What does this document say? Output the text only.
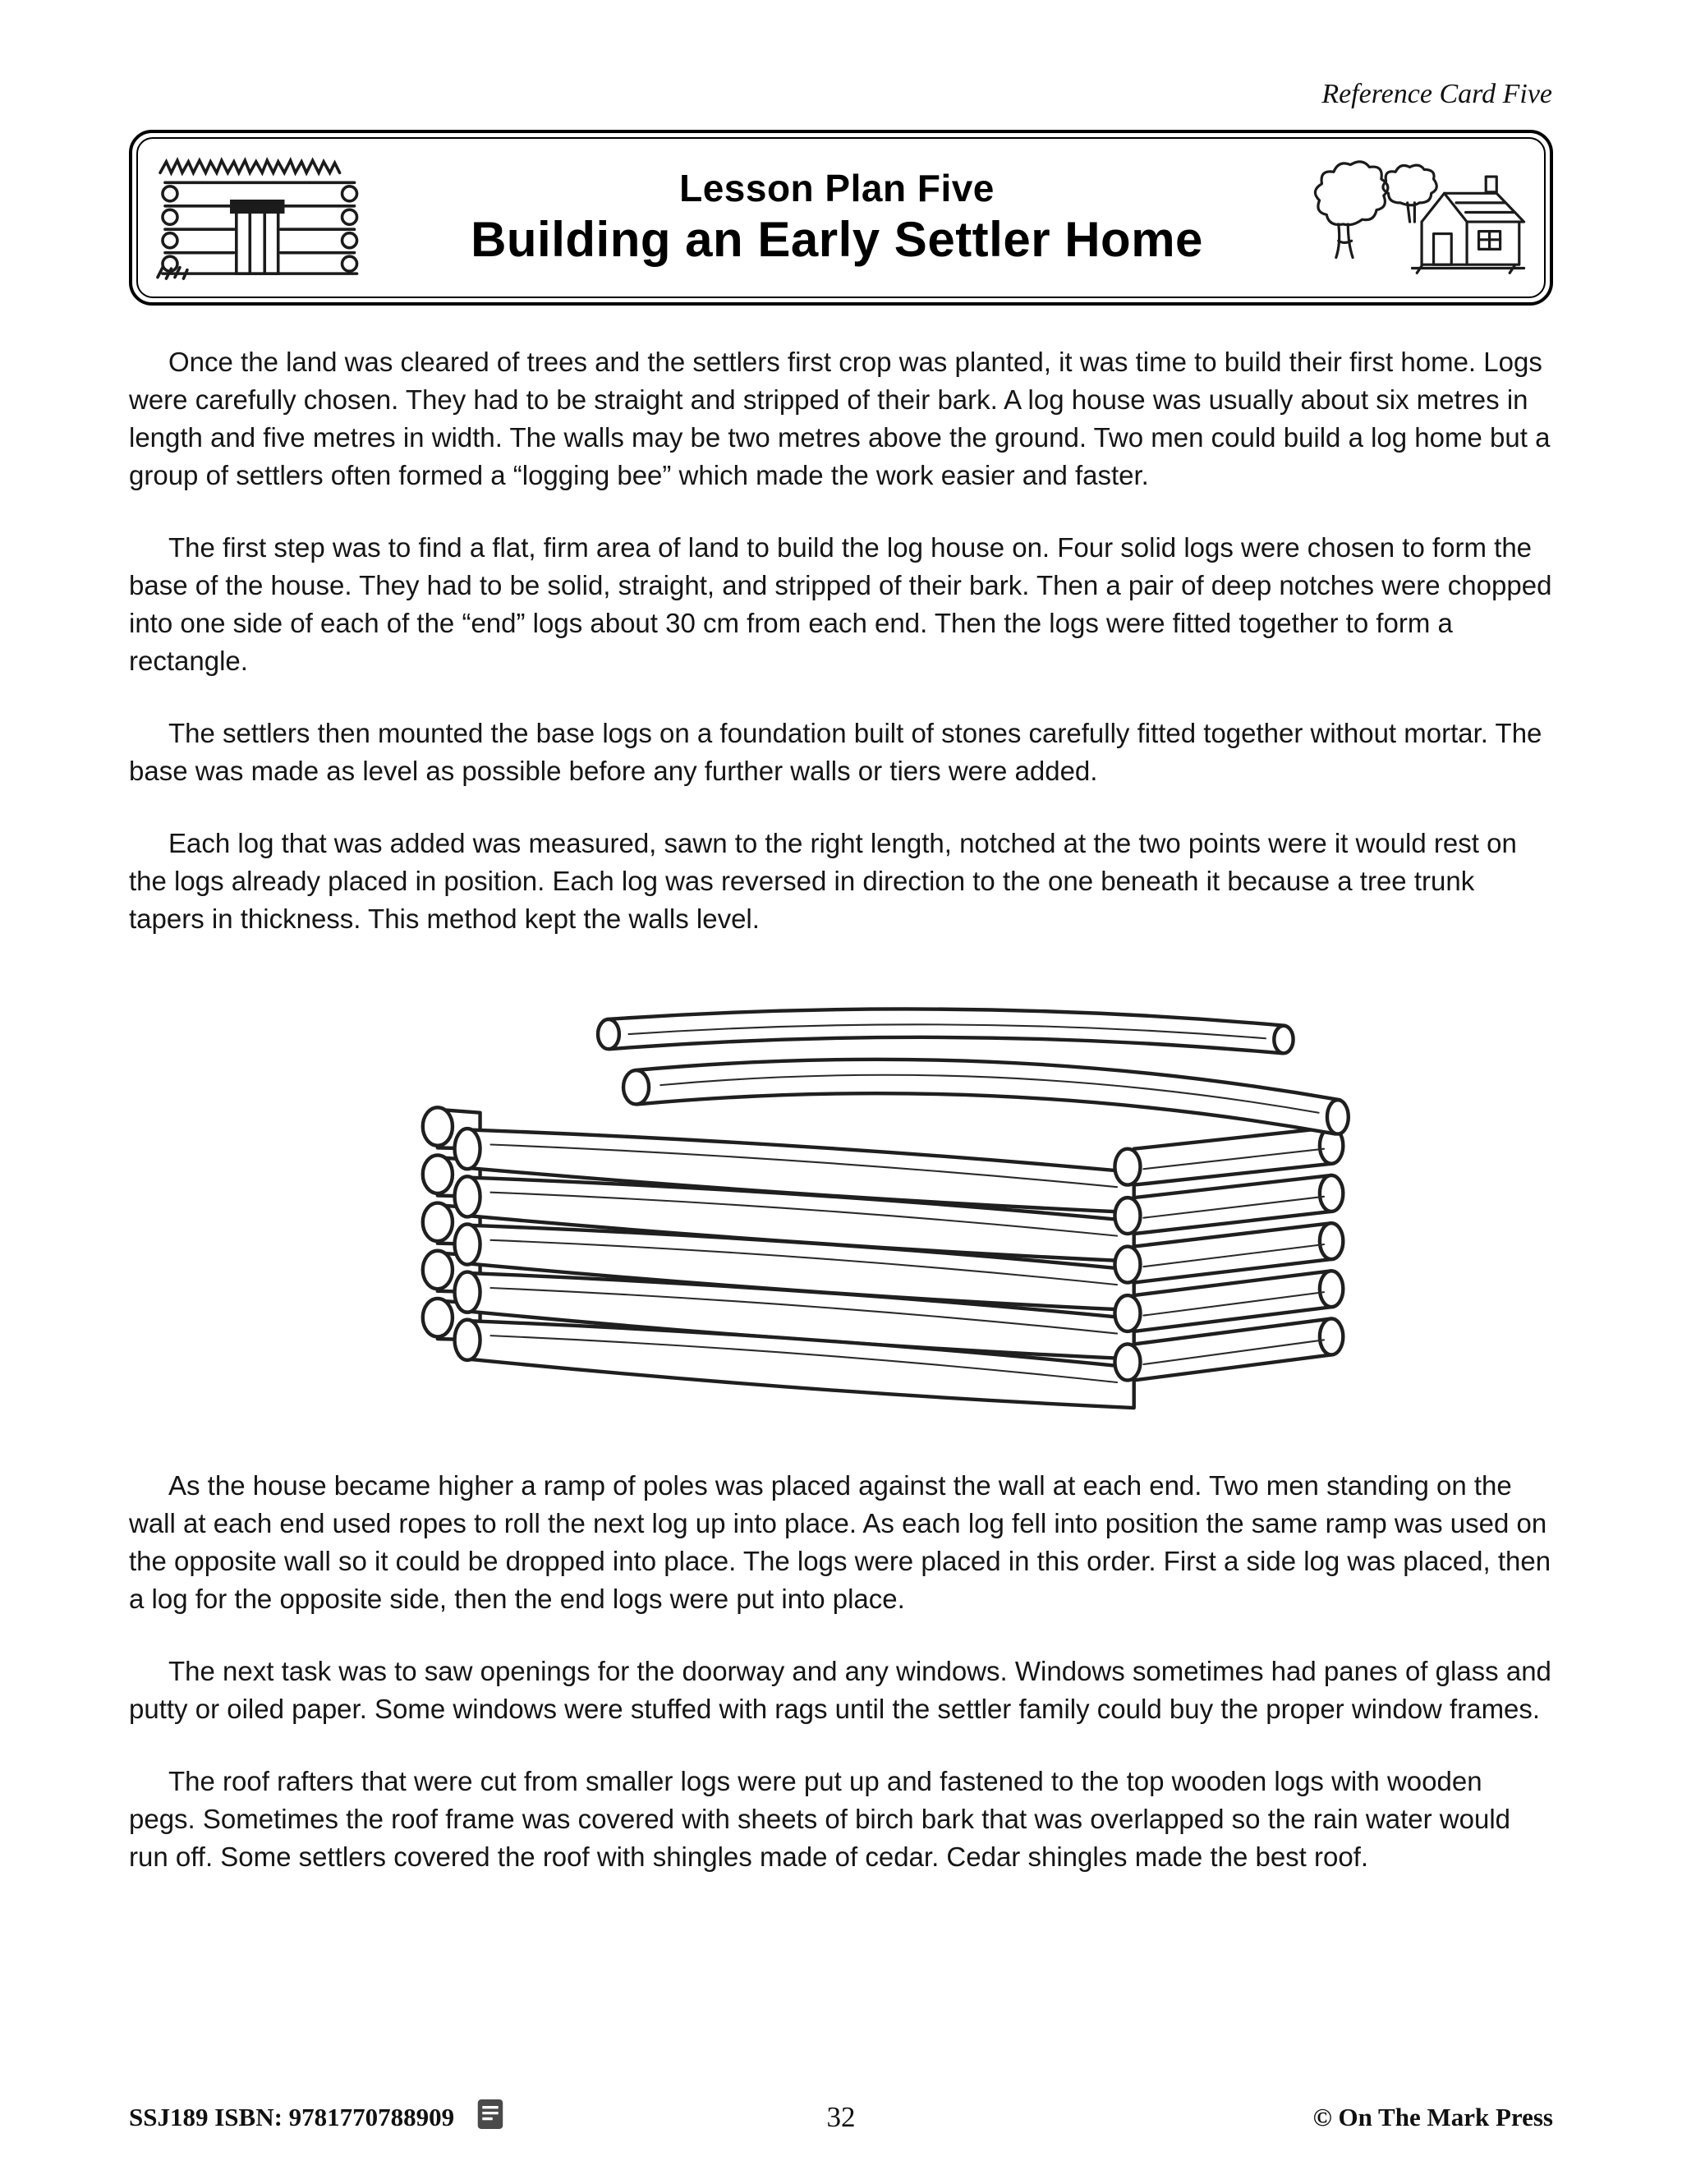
Reference Card Five
Lesson Plan Five
Building an Early Settler Home

Once the land was cleared of trees and the settlers first crop was planted, it was time to build their first home. Logs were carefully chosen. They had to be straight and stripped of their bark. A log house was usually about six metres in length and five metres in width. The walls may be two metres above the ground. Two men could build a log home but a group of settlers often formed a “logging bee” which made the work easier and faster.

The first step was to find a flat, firm area of land to build the log house on. Four solid logs were chosen to form the base of the house. They had to be solid, straight, and stripped of their bark. Then a pair of deep notches were chopped into one side of each of the “end” logs about 30 cm from each end. Then the logs were fitted together to form a rectangle.

The settlers then mounted the base logs on a foundation built of stones carefully fitted together without mortar. The base was made as level as possible before any further walls or tiers were added.

Each log that was added was measured, sawn to the right length, notched at the two points were it would rest on the logs already placed in position. Each log was reversed in direction to the one beneath it because a tree trunk tapers in thickness. This method kept the walls level.

As the house became higher a ramp of poles was placed against the wall at each end. Two men standing on the wall at each end used ropes to roll the next log up into place. As each log fell into position the same ramp was used on the opposite wall so it could be dropped into place. The logs were placed in this order. First a side log was placed, then a log for the opposite side, then the end logs were put into place.

The next task was to saw openings for the doorway and any windows. Windows sometimes had panes of glass and putty or oiled paper. Some windows were stuffed with rags until the settler family could buy the proper window frames.

The roof rafters that were cut from smaller logs were put up and fastened to the top wooden logs with wooden pegs. Sometimes the roof frame was covered with sheets of birch bark that was overlapped so the rain water would run off. Some settlers covered the roof with shingles made of cedar. Cedar shingles made the best roof.

32
SSJ189 ISBN: 9781770788909	© On The Mark Press
